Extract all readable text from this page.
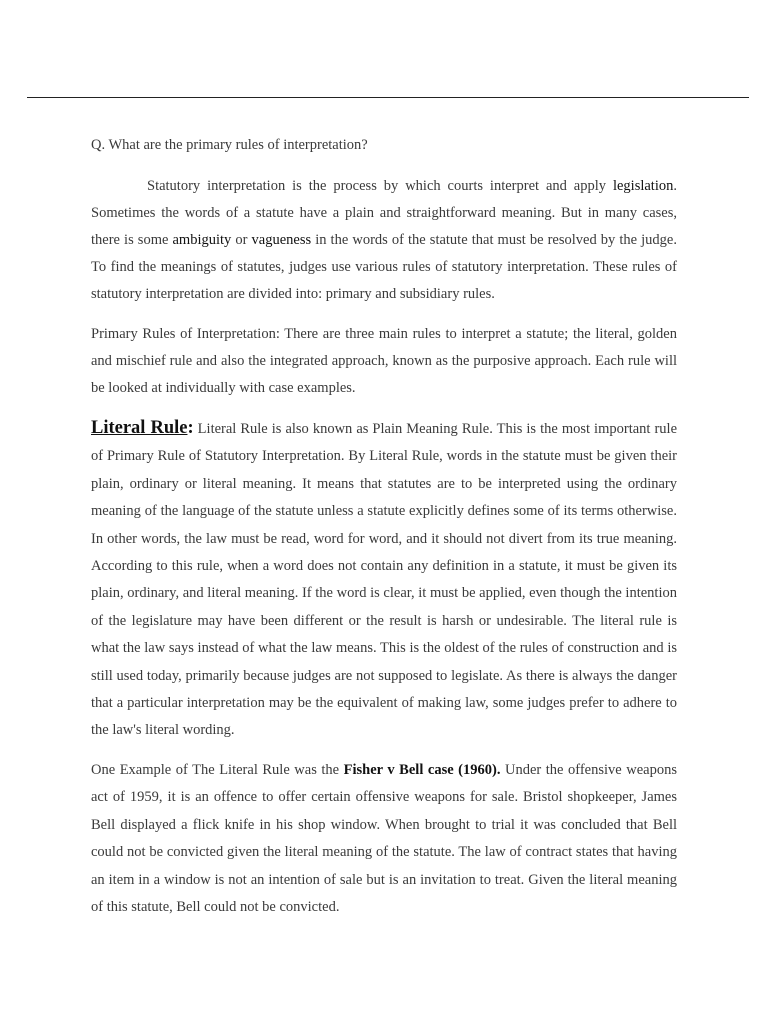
Q. What are the primary rules of interpretation?

Statutory interpretation is the process by which courts interpret and apply legislation. Sometimes the words of a statute have a plain and straightforward meaning. But in many cases, there is some ambiguity or vagueness in the words of the statute that must be resolved by the judge. To find the meanings of statutes, judges use various rules of statutory interpretation. These rules of statutory interpretation are divided into: primary and subsidiary rules.

Primary Rules of Interpretation: There are three main rules to interpret a statute; the literal, golden and mischief rule and also the integrated approach, known as the purposive approach. Each rule will be looked at individually with case examples.

Literal Rule: Literal Rule is also known as Plain Meaning Rule. This is the most important rule of Primary Rule of Statutory Interpretation. By Literal Rule, words in the statute must be given their plain, ordinary or literal meaning. It means that statutes are to be interpreted using the ordinary meaning of the language of the statute unless a statute explicitly defines some of its terms otherwise. In other words, the law must be read, word for word, and it should not divert from its true meaning. According to this rule, when a word does not contain any definition in a statute, it must be given its plain, ordinary, and literal meaning. If the word is clear, it must be applied, even though the intention of the legislature may have been different or the result is harsh or undesirable. The literal rule is what the law says instead of what the law means. This is the oldest of the rules of construction and is still used today, primarily because judges are not supposed to legislate. As there is always the danger that a particular interpretation may be the equivalent of making law, some judges prefer to adhere to the law's literal wording.

One Example of The Literal Rule was the Fisher v Bell case (1960). Under the offensive weapons act of 1959, it is an offence to offer certain offensive weapons for sale. Bristol shopkeeper, James Bell displayed a flick knife in his shop window. When brought to trial it was concluded that Bell could not be convicted given the literal meaning of the statute. The law of contract states that having an item in a window is not an intention of sale but is an invitation to treat. Given the literal meaning of this statute, Bell could not be convicted.
